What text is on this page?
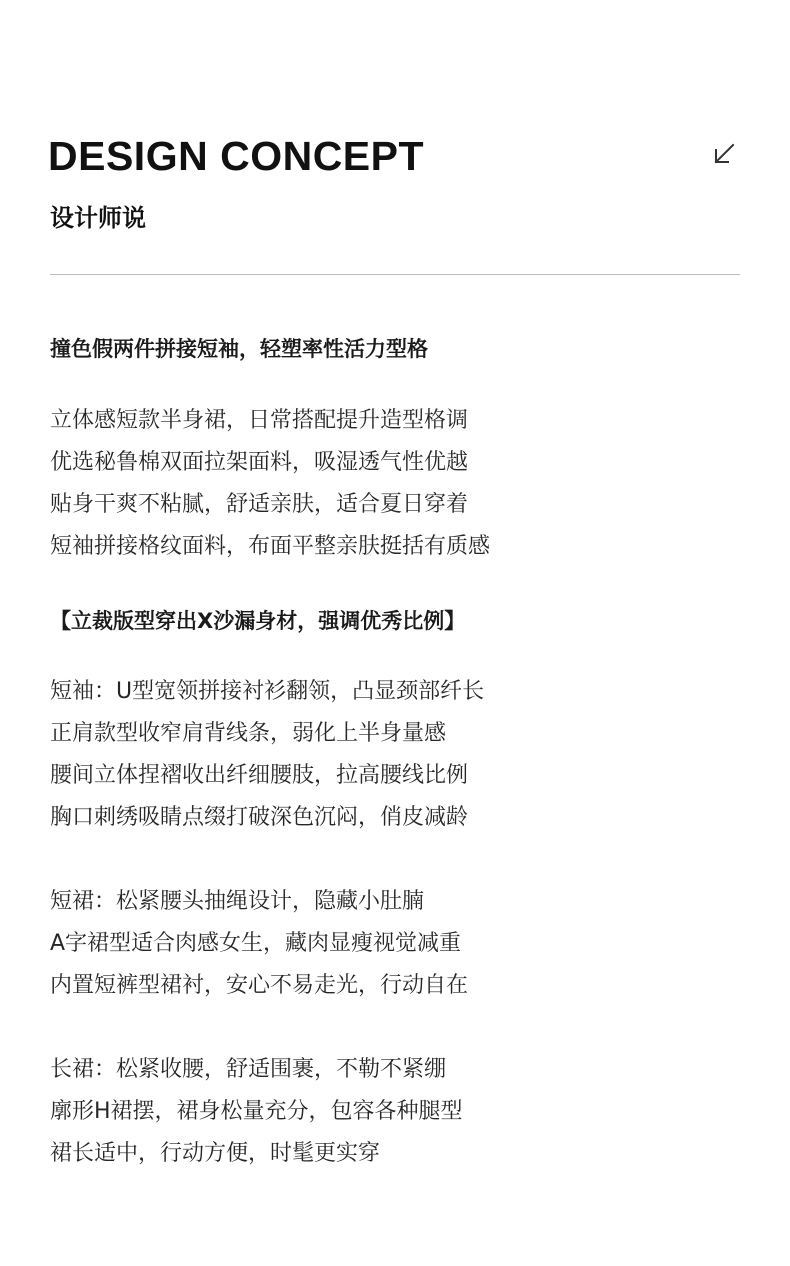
DESIGN CONCEPT
设计师说
撞色假两件拼接短袖，轻塑率性活力型格
立体感短款半身裙，日常搭配提升造型格调
优选秘鲁棉双面拉架面料，吸湿透气性优越
贴身干爽不粘腻，舒适亲肤，适合夏日穿着
短袖拼接格纹面料，布面平整亲肤挺括有质感
【立裁版型穿出X沙漏身材，强调优秀比例】
短袖：U型宽领拼接衬衫翻领，凸显颈部纤长
正肩款型收窄肩背线条，弱化上半身量感
腰间立体捏褶收出纤细腰肢，拉高腰线比例
胸口刺绣吸睛点缀打破深色沉闷，俏皮减龄
短裙：松紧腰头抽绳设计，隐藏小肚腩
A字裙型适合肉感女生，藏肉显瘦视觉减重
内置短裤型裙衬，安心不易走光，行动自在
长裙：松紧收腰，舒适围裹，不勒不紧绷
廓形H裙摆，裙身松量充分，包容各种腿型
裙长适中，行动方便，时髦更实穿
